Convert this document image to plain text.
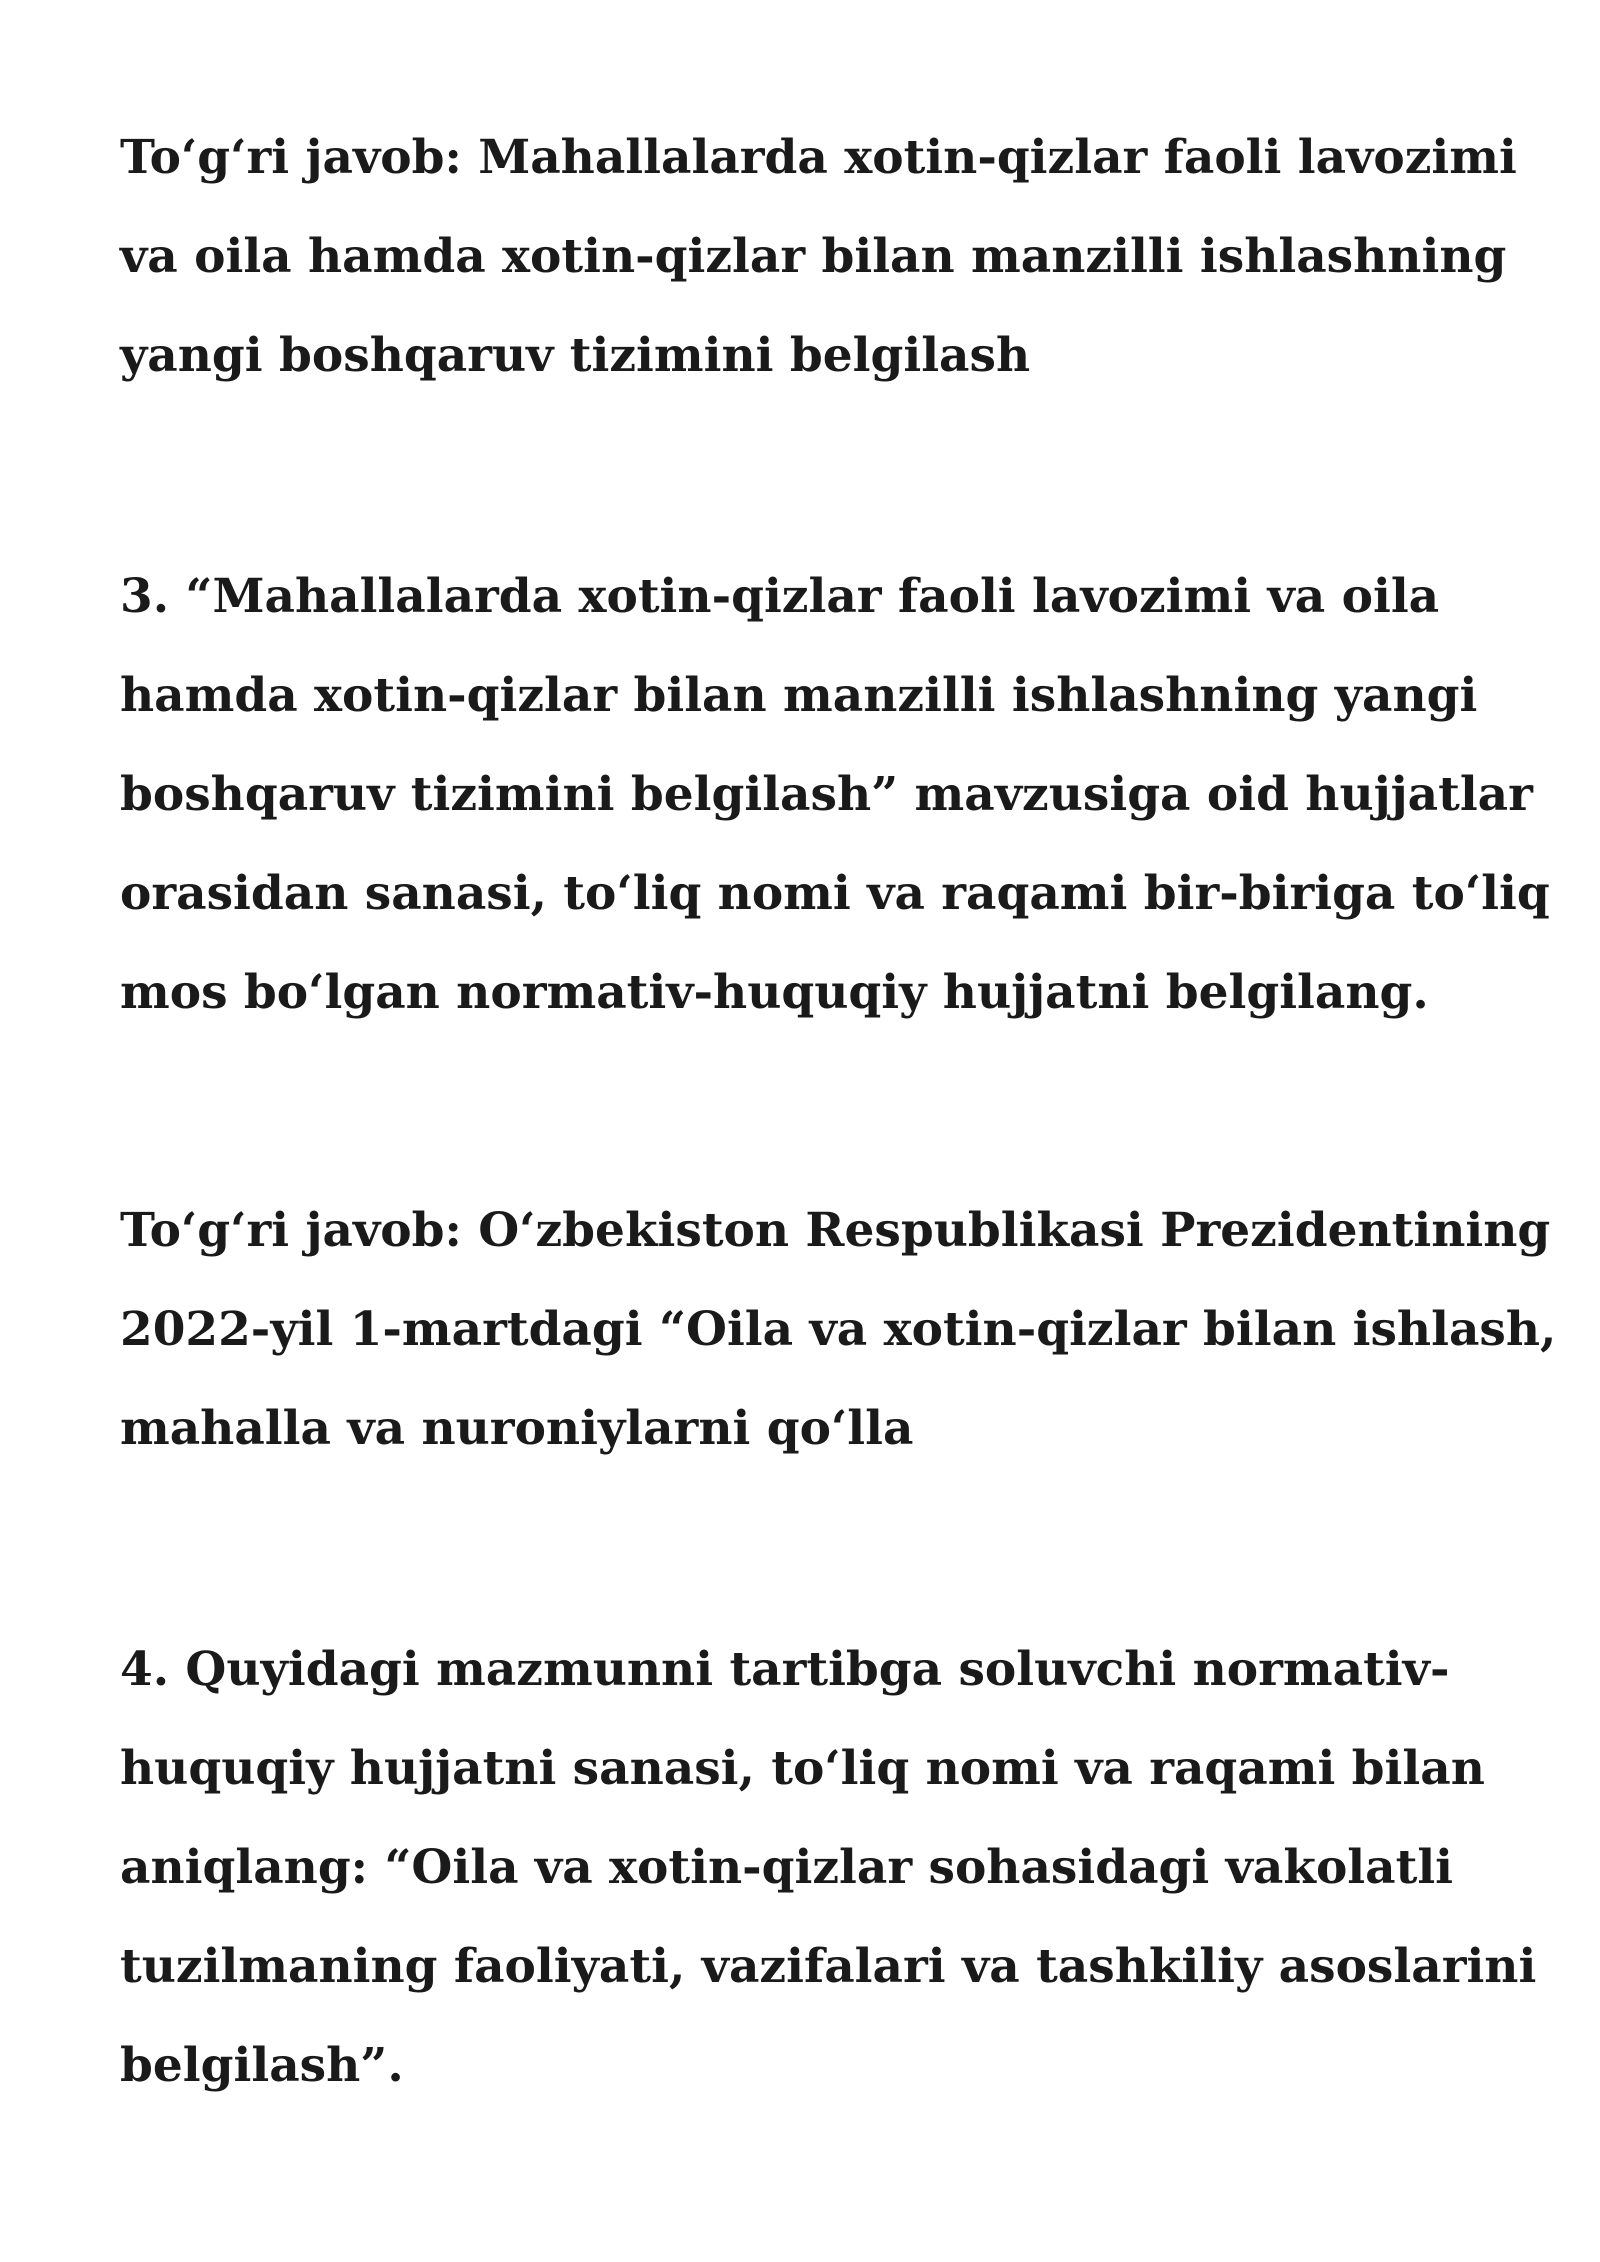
To‘g‘ri javob: Mahallalarda xotin-qizlar faoli lavozimi
va oila hamda xotin-qizlar bilan manzilli ishlashning
yangi boshqaruv tizimini belgilash

3. “Mahallalarda xotin-qizlar faoli lavozimi va oila
hamda xotin-qizlar bilan manzilli ishlashning yangi
boshqaruv tizimini belgilash” mavzusiga oid hujjatlar
orasidan sanasi, to‘liq nomi va raqami bir-biriga to‘liq
mos bo‘lgan normativ-huquqiy hujjatni belgilang.

To‘g‘ri javob: O‘zbekiston Respublikasi Prezidentining
2022-yil 1-martdagi “Oila va xotin-qizlar bilan ishlash,
mahalla va nuroniylarni qo‘lla

4. Quyidagi mazmunni tartibga soluvchi normativ-
huquqiy hujjatni sanasi, to‘liq nomi va raqami bilan
aniqlang: “Oila va xotin-qizlar sohasidagi vakolatli
tuzilmaning faoliyati, vazifalari va tashkiliy asoslarini
belgilash”.
